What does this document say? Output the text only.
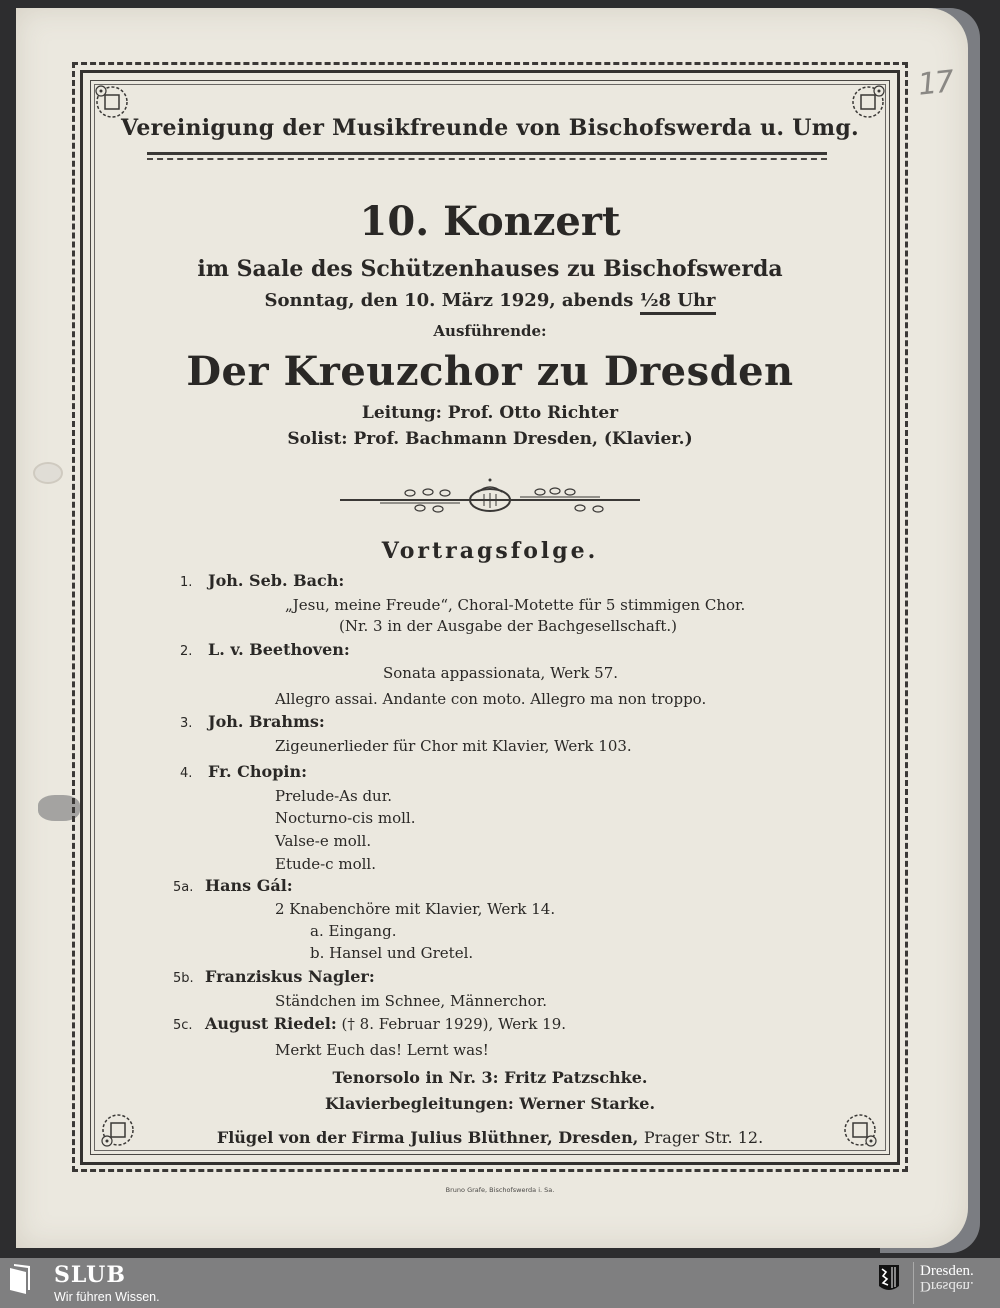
17
Vereinigung der Musikfreunde von Bischofswerda u. Umg.
10. Konzert
im Saale des Schützenhauses zu Bischofswerda
Sonntag, den 10. März 1929, abends ½8 Uhr
Ausführende:
Der Kreuzchor zu Dresden
Leitung: Prof. Otto Richter
Solist: Prof. Bachmann Dresden, (Klavier.)
Vortragsfolge.
1. Joh. Seb. Bach:
„Jesu, meine Freude“, Choral-Motette für 5 stimmigen Chor.
(Nr. 3 in der Ausgabe der Bachgesellschaft.)
2. L. v. Beethoven:
Sonata appassionata, Werk 57.
Allegro assai. Andante con moto. Allegro ma non troppo.
3. Joh. Brahms:
Zigeunerlieder für Chor mit Klavier, Werk 103.
4. Fr. Chopin:
Prelude-As dur.
Nocturno-cis moll.
Valse-e moll.
Etude-c moll.
5a. Hans Gál:
2 Knabenchöre mit Klavier, Werk 14.
a. Eingang.
b. Hansel und Gretel.
5b. Franziskus Nagler:
Ständchen im Schnee, Männerchor.
5c. August Riedel: († 8. Februar 1929), Werk 19.
Merkt Euch das! Lernt was!
Tenorsolo in Nr. 3: Fritz Patzschke.
Klavierbegleitungen: Werner Starke.
Flügel von der Firma Julius Blüthner, Dresden, Prager Str. 12.
Bruno Grafe, Bischofswerda i. Sa.
SLUB
Wir führen Wissen.
Dresden.
Dresden.
